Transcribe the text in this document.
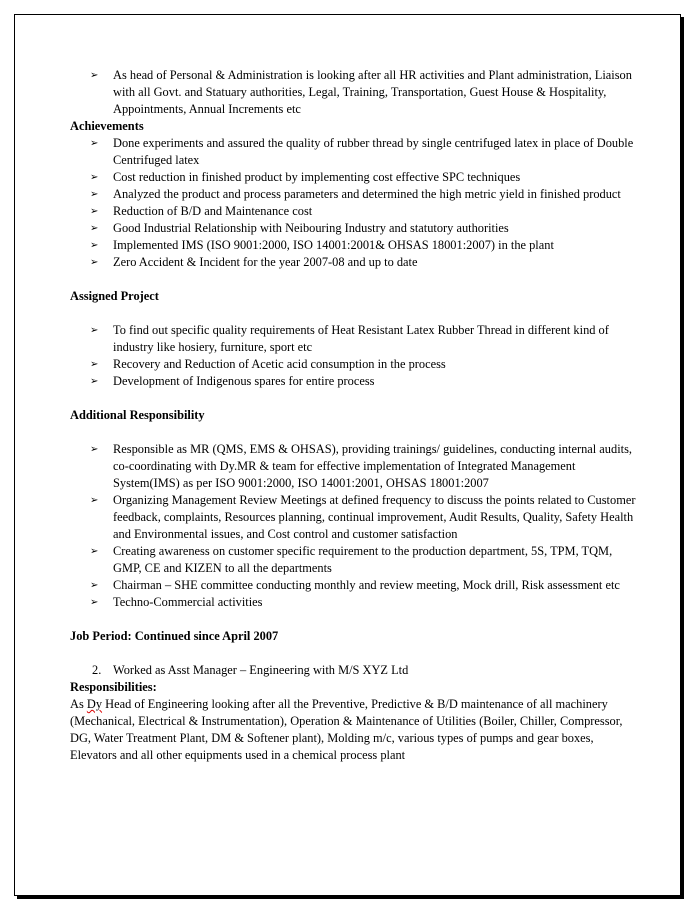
➢ As head of Personal & Administration is looking after all HR activities and Plant administration, Liaison with all Govt. and Statuary authorities, Legal, Training, Transportation, Guest House & Hospitality, Appointments, Annual Increments etc
Achievements
➢ Done experiments and assured the quality of rubber thread by single centrifuged latex in place of Double Centrifuged latex
➢ Cost reduction in finished product by implementing cost effective SPC techniques
➢ Analyzed the product and process parameters and determined the high metric yield in finished product
➢ Reduction of B/D and Maintenance cost
➢ Good Industrial Relationship with Neibouring Industry and statutory authorities
➢ Implemented IMS (ISO 9001:2000, ISO 14001:2001& OHSAS 18001:2007) in the plant
➢ Zero Accident & Incident for the year 2007-08 and up to date
Assigned Project
➢ To find out specific quality requirements of Heat Resistant Latex Rubber Thread in different kind of industry like hosiery, furniture, sport etc
➢ Recovery and Reduction of Acetic acid consumption in the process
➢ Development of Indigenous spares for entire process
Additional Responsibility
➢ Responsible as MR (QMS, EMS & OHSAS), providing trainings/ guidelines, conducting internal audits, co-coordinating with Dy.MR & team for effective implementation of Integrated Management System(IMS) as per ISO 9001:2000, ISO 14001:2001, OHSAS 18001:2007
➢ Organizing Management Review Meetings at defined frequency to discuss the points related to Customer feedback, complaints, Resources planning, continual improvement, Audit Results, Quality, Safety Health and Environmental issues, and Cost control and customer satisfaction
➢ Creating awareness on customer specific requirement to the production department, 5S, TPM, TQM, GMP, CE and KIZEN to all the departments
➢ Chairman – SHE committee conducting monthly and review meeting, Mock drill, Risk assessment etc
➢ Techno-Commercial activities
Job Period: Continued since April 2007
2. Worked as Asst Manager – Engineering with M/S XYZ Ltd
Responsibilities:
As Dy Head of Engineering looking after all the Preventive, Predictive & B/D maintenance of all machinery (Mechanical, Electrical & Instrumentation), Operation & Maintenance of Utilities (Boiler, Chiller, Compressor, DG, Water Treatment Plant, DM & Softener plant), Molding m/c, various types of pumps and gear boxes, Elevators and all other equipments used in a chemical process plant
